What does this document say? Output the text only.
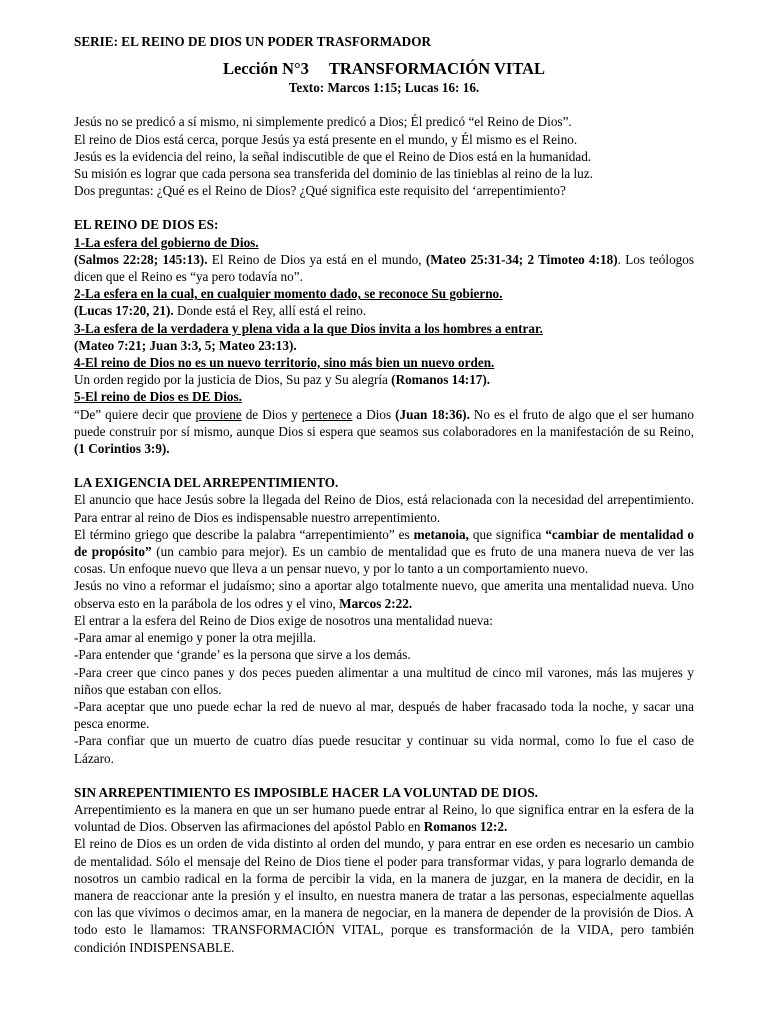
SERIE: EL REINO DE DIOS UN PODER TRASFORMADOR

Lección N°3 TRANSFORMACIÓN VITAL

Texto: Marcos 1:15; Lucas 16: 16.

Jesús no se predicó a sí mismo, ni simplemente predicó a Dios; Él predicó “el Reino de Dios”.

El reino de Dios está cerca, porque Jesús ya está presente en el mundo, y Él mismo es el Reino.

Jesús es la evidencia del reino, la señal indiscutible de que el Reino de Dios está en la humanidad.

Su misión es lograr que cada persona sea transferida del dominio de las tinieblas al reino de la luz.

Dos preguntas: ¿Qué es el Reino de Dios? ¿Qué significa este requisito del ‘arrepentimiento?

EL REINO DE DIOS ES:

1-La esfera del gobierno de Dios.

(Salmos 22:28; 145:13). El Reino de Dios ya está en el mundo, (Mateo 25:31-34; 2 Timoteo 4:18). Los teólogos dicen que el Reino es “ya pero todavía no”.

2-La esfera en la cual, en cualquier momento dado, se reconoce Su gobierno.

(Lucas 17:20, 21). Donde está el Rey, allí está el reino.

3-La esfera de la verdadera y plena vida a la que Dios invita a los hombres a entrar.

(Mateo 7:21; Juan 3:3, 5; Mateo 23:13).

4-El reino de Dios no es un nuevo territorio, sino más bien un nuevo orden.

Un orden regido por la justicia de Dios, Su paz y Su alegría (Romanos 14:17).

5-El reino de Dios es DE Dios.

“De” quiere decir que proviene de Dios y pertenece a Dios (Juan 18:36). No es el fruto de algo que el ser humano puede construir por sí mismo, aunque Dios si espera que seamos sus colaboradores en la manifestación de su Reino, (1 Corintios 3:9).

LA EXIGENCIA DEL ARREPENTIMIENTO.

El anuncio que hace Jesús sobre la llegada del Reino de Dios, está relacionada con la necesidad del arrepentimiento. Para entrar al reino de Dios es indispensable nuestro arrepentimiento.

El término griego que describe la palabra “arrepentimiento” es metanoia, que significa “cambiar de mentalidad o de propósito” (un cambio para mejor). Es un cambio de mentalidad que es fruto de una manera nueva de ver las cosas. Un enfoque nuevo que lleva a un pensar nuevo, y por lo tanto a un comportamiento nuevo.

Jesús no vino a reformar el judaísmo; sino a aportar algo totalmente nuevo, que amerita una mentalidad nueva. Uno observa esto en la parábola de los odres y el vino, Marcos 2:22.

El entrar a la esfera del Reino de Dios exige de nosotros una mentalidad nueva:

-Para amar al enemigo y poner la otra mejilla.

-Para entender que ‘grande’ es la persona que sirve a los demás.

-Para creer que cinco panes y dos peces pueden alimentar a una multitud de cinco mil varones, más las mujeres y niños que estaban con ellos.

-Para aceptar que uno puede echar la red de nuevo al mar, después de haber fracasado toda la noche, y sacar una pesca enorme.

-Para confiar que un muerto de cuatro días puede resucitar y continuar su vida normal, como lo fue el caso de Lázaro.

SIN ARREPENTIMIENTO ES IMPOSIBLE HACER LA VOLUNTAD DE DIOS.

Arrepentimiento es la manera en que un ser humano puede entrar al Reino, lo que significa entrar en la esfera de la voluntad de Dios. Observen las afirmaciones del apóstol Pablo en Romanos 12:2.

El reino de Dios es un orden de vida distinto al orden del mundo, y para entrar en ese orden es necesario un cambio de mentalidad. Sólo el mensaje del Reino de Dios tiene el poder para transformar vidas, y para lograrlo demanda de nosotros un cambio radical en la forma de percibir la vida, en la manera de juzgar, en la manera de decidir, en la manera de reaccionar ante la presión y el insulto, en nuestra manera de tratar a las personas, especialmente aquellas con las que vivimos o decimos amar, en la manera de negociar, en la manera de depender de la provisión de Dios. A todo esto le llamamos: TRANSFORMACIÓN VITAL, porque es transformación de la VIDA, pero también condición INDISPENSABLE.
